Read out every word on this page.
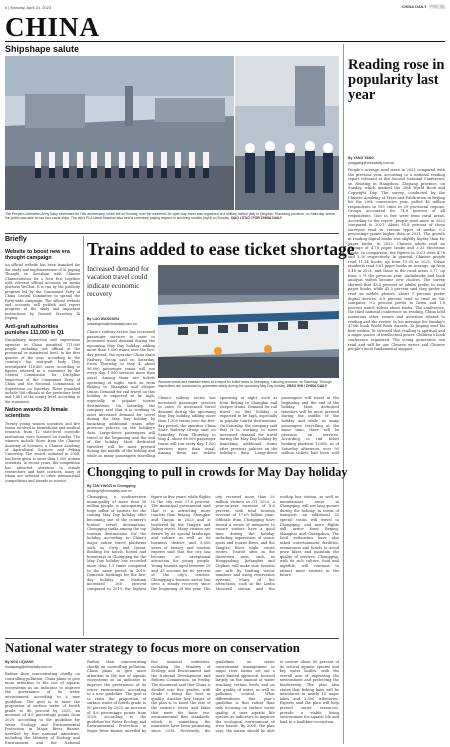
6 | Monday, April 24, 2023	CHINA DAILY 中国日报
CHINA
Shipshape salute
The People's Liberation Army Navy celebrates its 74th anniversary, which fell on Sunday, over the weekend. An open day event was organized at a military harbor (left) in Qingdao, Shandong province, on Saturday, where the public was able to tour four naval ships. The city's PLA Naval Museum also held a ceremony paying respect to surviving models (right) on Sunday. XIAO LITAO / FOR CHINA DAILY
Reading rose in popularity last year
By YANG YANG
yangyang@chinadaily.com.cn
People's average read more in 2022 compared with the previous year, according to a national reading report released at the Second National Conference on Reading in Hangzhou, Zhejiang province, on Sunday, which marked the 28th World Book and Copyright Day. The survey, conducted by the Chinese Academy of Press and Publication in Beijing for the 20th consecutive year, polled 46 million respondents in 155 cities in 29 provincial regions. Groups accounted for 74.8 percent of all respondents. One in five were from rural areas. According to the report, people read more in 2022 compared to 2021. About 81.8 percent of those surveyed read in various types of media, 0.2 percentage points higher than in 2021. The growth in reading digital books was slightly higher than for paper books. In 2022, Chinese adults read an average of 4.78 paper books and 3.33 electronic books. In comparison, the figures in 2021 were 4.76 and 3.30 respectively. In general, Chinese people read 11.14 books, up from 10.93 in 2021. Urban residents read 5.61 paper books on average, up from 5.48 in 2021, and those in the rural areas 3.77, up from 3.79 the previous year. Audiobooks and book analysis videos became new choices. The survey showed that 43.5 percent of adults prefer to read paper books, while 45.5 percent said they prefer to read on mobile phones, about 7 percent prefer digital devices, 6.9 percent tend to read on the computer, 9.2 percent prefer to listen and 1.8 percent watch videos about books. The conference, the third national conference on reading, China held numerous other events and activities related to reading and the review. In his message for Sunday's 475th book World Book Awards, Xi Jinping sent his best wishes. Xi stressed that reading is spiritual and a major source of intellectual power. Children's book conference organized. The young generation can read and will be one Chinese writer and Chinese people's most fundamental support.
Briefly
Website to boost new era thought campaign
An official website has been launched for the study and implementation of Xi Jinping Thought on Socialism with Chinese Characteristics for a New Era, together with relevant official accounts on media platform WeChat. It is run by the publicity program led by the Communist Party of China Central Committee to spread the Party-wide campaign. The official website and accounts will publish and report progress of the study and important instructions by General Secretary Xi Jinping.
Anti-graft authorities punishes 111,000 in Q1
Disciplinary inspection and supervision agencies in China punished 111,000 people, including one official at the provincial or ministerial level, in the first quarter of the year, according to the country's top anti-graft body. They investigated 118,400 cases, according to figures released in a statement by the Central Commission for Discipline Inspection of the Communist Party of China and the National Commission of Supervision on Saturday. These punished include 166 officials at the prefecture level and 1,481 at the county level, according to the statement.
Nation awards 20 female scientists
Twenty young women scientists and five teams involved in biomedicine and medical research from 12 state-level scientific institutions were honored on Sunday. The winners include those from the Chinese Academy of Sciences, a Chinese Academy of Agricultural Sciences and Peking University. The award, initiated in 2004, has been given to more than 1,000 women scientists. In recent years, the competition has attracted attention to female researchers and hard sciences, many of whom are selected to other international competitions and awards in science.
Trains added to ease ticket shortage
Increased demand for vacation travel could indicate economic recovery
By LUO WANGSHU
luowangshu@chinadaily.com.cn
Workers check and maintain trains at a depot for bullet trains in Shenyang, Liaoning province, on Saturday. Through inspections are conducted to guarantee safety during the upcoming May Day holiday. ZHAO SHI / CHINA DAILY
China's railway sector has increased passenger services to cater to increased travel demand during the upcoming May Day holiday, adding more than 1,500 trains over the five-day period, the operator China State Railway Group said on Saturday. From Thursday to May 4, about 96,000 passenger trains will run every day, 1,500 services more than usual. Among them are tickets operating at night, such as from Beijing to Shanghai and sleeper trains. Demand for rail travel on this holiday is expected to be high, especially in popular tourist destinations. On Saturday, the company said that it is working to meet increased demand for travel during the May Day holiday by launching additional trains after previous policies on the holiday's data. Large-drove passengers will travel at the beginning and the end of the holiday. Most dedicated travelers will be most pressed during the middle of the holiday and while as many passengers travelling
China's railway sector has increased passenger services to cater to increased travel demand during the upcoming May Day holiday, adding more than 1,500 trains over the five-day period, the operator China State Railway Group said on Saturday. From Thursday to May 4, about 96,000 passenger trains will run every day, 1,500 services more than usual. Among them are tickets operating at night, such as from Beijing to Shanghai and sleeper trains. Demand for rail travel on this holiday is expected to be high, especially in popular tourist destinations. On Saturday, the company said that it is working to meet increased demand for travel during the May Day holiday by launching additional trains after previous policies on the holiday's data. Large-drove passengers will travel at the beginning and the end of the holiday. Most dedicated travelers will be most pressed during the middle of the holiday and while as many passengers travelling at the same time, there will be pressure on services. According to rail ticket booking platform 12306, as of Saturday afternoon, over 90 million tickets had been sold
Chongqing to pull in crowds for May Day holiday
By TAN YINGZI in Chongqing
tanyingzi@chinadaily.com.cn
Chongqing, a southwestern municipality of more than 30 million people, is anticipating a huge influx of tourists for the coming May Day holiday after becoming one of the country's hottest travel destinations. Chongqing ranks among the top tourism destinations for the holiday, according to China's major online travel platforms such as Ctrip and Qunar. Booking for hotels, hostel and homestays in Chongqing for the May Day holiday has recorded more than 1.1 times compared to the same period in 2019. Domestic bookings for the five-day holiday on Meituan increased 268 percent compared to 2019, the highest figure in five years, while flights to the city rose 27.6 percent. The municipal government said that it is attracting more tourists than Beijing, Shanghai and Tianjin in 2023 and is bordered by the Yangtze and Jialing rivers. Many visitors are drawn by its special landscape and culture as well as its business district and 8,000 years of history, and tourism experts said that the city has become an exceptional attraction for young people. Young tourists aged between 18 and 35 account for 60 percent of the city's tourists. Chongqing's tourism sector has seen a steady recovery since the beginning of the year. The city received more than 20 million visitors in Q1 2023, a year-on-year increase of 8.6 percent, with total tourism revenue of 17.69 billion yuan. Officials from Chongqing have issued a series of measures to ensure visitors have a good time during the holiday, including supervision of scenic spots and tourist flows, and the Yangtze River night cruise routes. Tourist sites in the downtown area, such as Hongyadong, Jiefangbei and Ciqikou, will make sure tourists are safe by limiting visitor numbers and using reservation systems. Many of the attractions, such as the Liziba Monorail station and the rooftop bus station, as well as mountainous areas in Chongqing, will see long queues during the holiday. In terms of transport, an additional 32 special trains will travel to Chongqing, and more flights will arrive from Beijing, Shanghai and Guangzhou. The local authorities have also asked entertainment facilities, restaurants and hotels to avoid price hikes and maintain the quality of services. Chongqing, with its rich culture, food and nightlife, will continue to attract more tourists in the future.
National water strategy to focus more on conservation
By HOU LIQIANG
houliqiang@chinadaily.com.cn
Rather than concentrating chiefly on controlling pollution, China plans to give more attention to the use of aquatic ecosystems as an indicator to improve the governance of its water environment, according to a new guideline. The goal is to raise the proportion of surface water of fourth grade to 80 percent by 2025, an increase of 4.6 percentage points from 2020, according to the guideline for Water Ecology and Environmental Protection in Major River Basins, unveiled by five national ministries, including the Ministry of Ecology and Environment and the National
Rather than concentrating chiefly on controlling pollution, China plans to give more attention to the use of aquatic ecosystems as an indicator to improve the governance of its water environment, according to a new guideline. The goal is to raise the proportion of surface water of fourth grade to 80 percent by 2025, an increase of 4.6 percentage points from 2020, according to the guideline for Water Ecology and Environmental Protection in Major River Basins, unveiled by five national ministries, including the Ministry of Ecology and Environment and the National Development and Reform Commission, on Friday. The document said that China is divided into five grades, with Grade I being the best in quality. Another key target of the plan is to boost the rate of the nation's rivers and lakes that meet the basic eco-environmental flow standards, which is something the ministries have been promoting since 2018. Previously, the guidelines on water environment management in major river basins set out a more limited approach, focused largely on the amount of water reaching certain levels and on the quality of water, as well as pollution control. What differentiates this year's guideline is that rather than only focusing on surface water quality, it uses aquatic life species as indicators to improve the ecological environment of river basins. By 2025, the plan says, the nation should be able to restore about 60 percent of its critical aquatic species and key water bodies, with the overall aim of improving the environment and protecting the biodiversity. The plan also states that fishing bans will be introduced in nearly 15 major lakes and 2,000 tributaries. Experts said the plan will help protect water resources, provide a stable living environment for aquatic life and lead to a healthier ecosystem.
